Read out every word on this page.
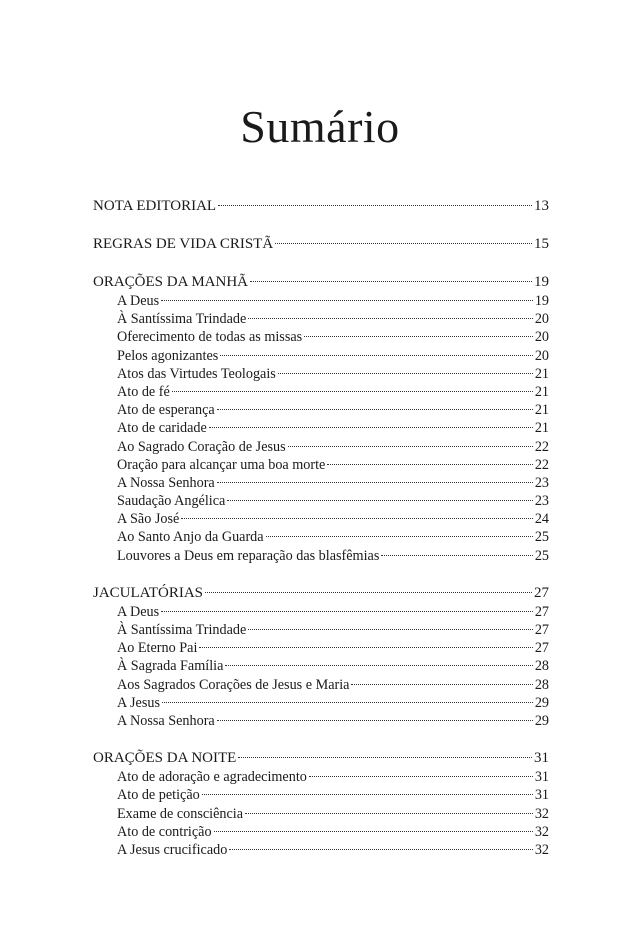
Sumário
NOTA EDITORIAL	13
REGRAS DE VIDA CRISTÃ	15
ORAÇÕES DA MANHÃ	19
A Deus	19
À Santíssima Trindade	20
Oferecimento de todas as missas	20
Pelos agonizantes	20
Atos das Virtudes Teologais	21
Ato de fé	21
Ato de esperança	21
Ato de caridade	21
Ao Sagrado Coração de Jesus	22
Oração para alcançar uma boa morte	22
A Nossa Senhora	23
Saudação Angélica	23
A São José	24
Ao Santo Anjo da Guarda	25
Louvores a Deus em reparação das blasfêmias	25
JACULATÓRIAS	27
A Deus	27
À Santíssima Trindade	27
Ao Eterno Pai	27
À Sagrada Família	28
Aos Sagrados Corações de Jesus e Maria	28
A Jesus	29
A Nossa Senhora	29
ORAÇÕES DA NOITE	31
Ato de adoração e agradecimento	31
Ato de petição	31
Exame de consciência	32
Ato de contrição	32
A Jesus crucificado	32
